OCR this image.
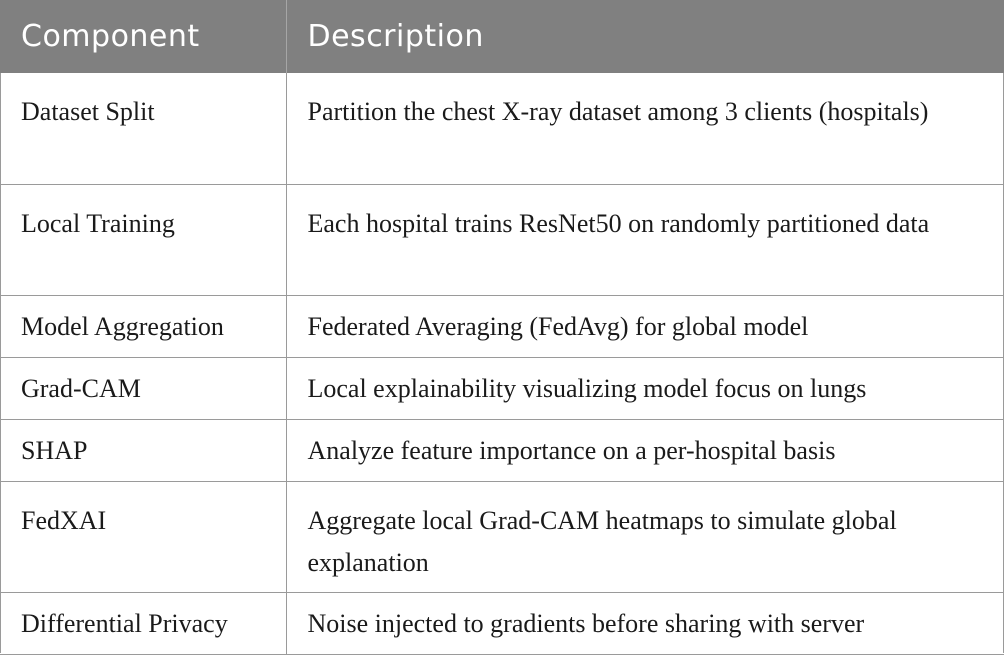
Component	Description
Dataset Split	Partition the chest X-ray dataset among 3 clients (hospitals)
Local Training	Each hospital trains ResNet50 on randomly partitioned data
Model Aggregation	Federated Averaging (FedAvg) for global model
Grad-CAM	Local explainability visualizing model focus on lungs
SHAP	Analyze feature importance on a per-hospital basis
FedXAI	Aggregate local Grad-CAM heatmaps to simulate global explanation
Differential Privacy	Noise injected to gradients before sharing with server
